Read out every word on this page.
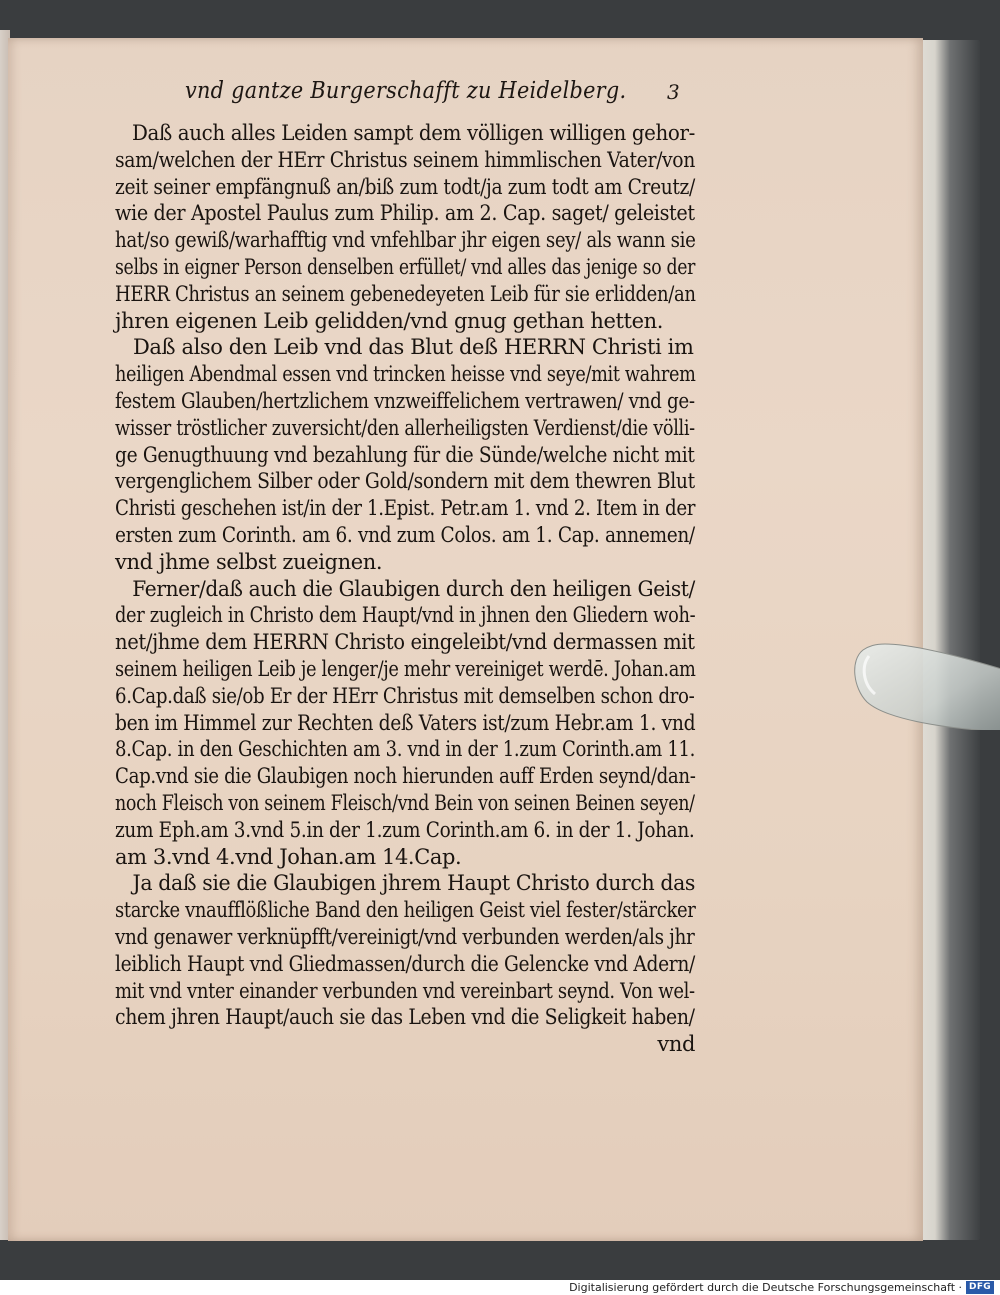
vnd gantze Burgerschafft zu Heidelberg.	3
Daß auch alles Leiden sampt dem völligen willigen gehor-
sam/welchen der HErr Christus seinem himmlischen Vater/von
zeit seiner empfängnuß an/biß zum todt/ja zum todt am Creutz/
wie der Apostel Paulus zum Philip. am 2. Cap. saget/ geleistet
hat/so gewiß/warhafftig vnd vnfehlbar jhr eigen sey/ als wann sie
selbs in eigner Person denselben erfüllet/ vnd alles das jenige so der
HERR Christus an seinem gebenedeyeten Leib für sie erlidden/an
jhren eigenen Leib gelidden/vnd gnug gethan hetten.
Daß also den Leib vnd das Blut deß HERRN Christi im
heiligen Abendmal essen vnd trincken heisse vnd seye/mit wahrem
festem Glauben/hertzlichem vnzweiffelichem vertrawen/ vnd ge-
wisser tröstlicher zuversicht/den allerheiligsten Verdienst/die völli-
ge Genugthuung vnd bezahlung für die Sünde/welche nicht mit
vergenglichem Silber oder Gold/sondern mit dem thewren Blut
Christi geschehen ist/in der 1.Epist. Petr.am 1. vnd 2. Item in der
ersten zum Corinth. am 6. vnd zum Colos. am 1. Cap. annemen/
vnd jhme selbst zueignen.
Ferner/daß auch die Glaubigen durch den heiligen Geist/
der zugleich in Christo dem Haupt/vnd in jhnen den Gliedern woh-
net/jhme dem HERRN Christo eingeleibt/vnd dermassen mit
seinem heiligen Leib je lenger/je mehr vereiniget werdē. Johan.am
6.Cap.daß sie/ob Er der HErr Christus mit demselben schon dro-
ben im Himmel zur Rechten deß Vaters ist/zum Hebr.am 1. vnd
8.Cap. in den Geschichten am 3. vnd in der 1.zum Corinth.am 11.
Cap.vnd sie die Glaubigen noch hierunden auff Erden seynd/dan-
noch Fleisch von seinem Fleisch/vnd Bein von seinen Beinen seyen/
zum Eph.am 3.vnd 5.in der 1.zum Corinth.am 6. in der 1. Johan.
am 3.vnd 4.vnd Johan.am 14.Cap.
Ja daß sie die Glaubigen jhrem Haupt Christo durch das
starcke vnaufflößliche Band den heiligen Geist viel fester/stärcker
vnd genawer verknüpfft/vereinigt/vnd verbunden werden/als jhr
leiblich Haupt vnd Gliedmassen/durch die Gelencke vnd Adern/
mit vnd vnter einander verbunden vnd vereinbart seynd. Von wel-
chem jhren Haupt/auch sie das Leben vnd die Seligkeit haben/
vnd
Digitalisierung gefördert durch die Deutsche Forschungsgemeinschaft · DFG
